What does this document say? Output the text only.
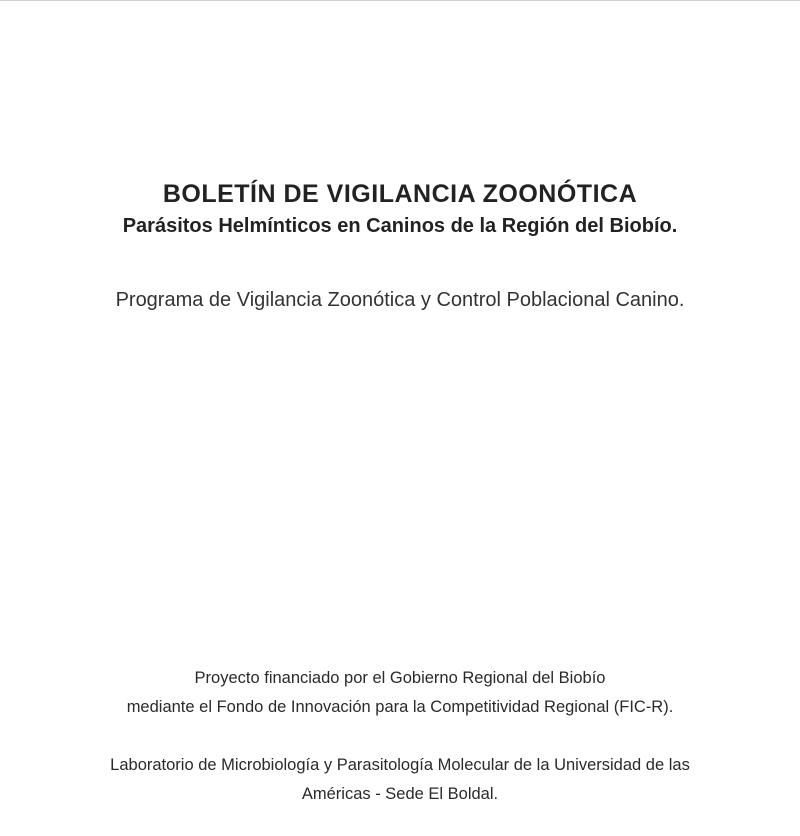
BOLETÍN DE VIGILANCIA ZOONÓTICA
Parásitos Helmínticos en Caninos de la Región del Biobío.
Programa de Vigilancia Zoonótica y Control Poblacional Canino.
Proyecto financiado por el Gobierno Regional del Biobío
mediante el Fondo de Innovación para la Competitividad Regional (FIC-R).
Laboratorio de Microbiología y Parasitología Molecular de la Universidad de las
Américas - Sede El Boldal.
